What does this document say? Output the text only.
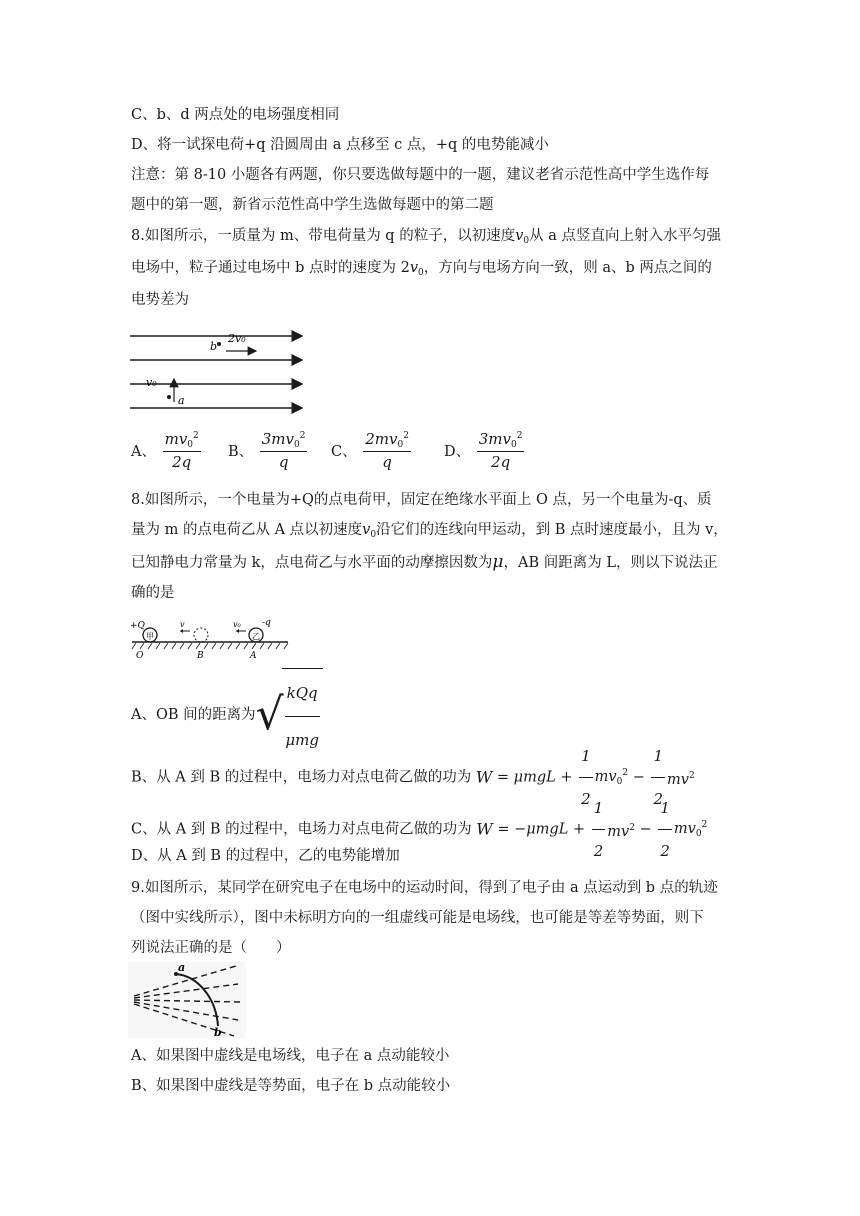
C、b、d 两点处的电场强度相同
D、将一试探电荷+q 沿圆周由 a 点移至 c 点，+q 的电势能减小
注意：第 8-10 小题各有两题，你只要选做每题中的一题，建议老省示范性高中学生选作每
题中的第一题，新省示范性高中学生选做每题中的第二题
8.如图所示，一质量为 m、带电荷量为 q 的粒子，以初速度$v_0$从 a 点竖直向上射入水平匀强
电场中，粒子通过电场中 b 点时的速度为 $2v_0$，方向与电场方向一致，则 a、b 两点之间的
电势差为
v₀
a
b
2v₀
A、 $\frac{mv_0^2}{2q}$ B、 $\frac{3mv_0^2}{q}$ C、 $\frac{2mv_0^2}{q}$ D、 $\frac{3mv_0^2}{2q}$
8.如图所示，一个电量为+Q的点电荷甲，固定在绝缘水平面上 O 点，另一个电量为-q、质
量为 m 的点电荷乙从 A 点以初速度$v_0$沿它们的连线向甲运动，到 B 点时速度最小，且为 v，
已知静电力常量为 k，点电荷乙与水平面的动摩擦因数为μ，AB 间距离为 L，则以下说法正
确的是
甲	乙
+Q	-q
O	B	A
v	v₀
A、OB 间的距离为√ $\frac{\text{kQq}}{\text{μmg}}$
B、从 A 到 B 的过程中，电场力对点电荷乙做的功为 $W = \mu mgL + \frac{1}{2} mv_0^2 - \frac{1}{2} mv^2$
C、从 A 到 B 的过程中，电场力对点电荷乙做的功为 $W = -\mu mgL + \frac{1}{2} mv^2 - \frac{1}{2} mv_0^2$
D、从 A 到 B 的过程中，乙的电势能增加
9.如图所示，某同学在研究电子在电场中的运动时间，得到了电子由 a 点运动到 b 点的轨迹
（图中实线所示），图中未标明方向的一组虚线可能是电场线，也可能是等差等势面，则下
列说法正确的是（　　）
a
b
A、如果图中虚线是电场线，电子在 a 点动能较小
B、如果图中虚线是等势面，电子在 b 点动能较小
